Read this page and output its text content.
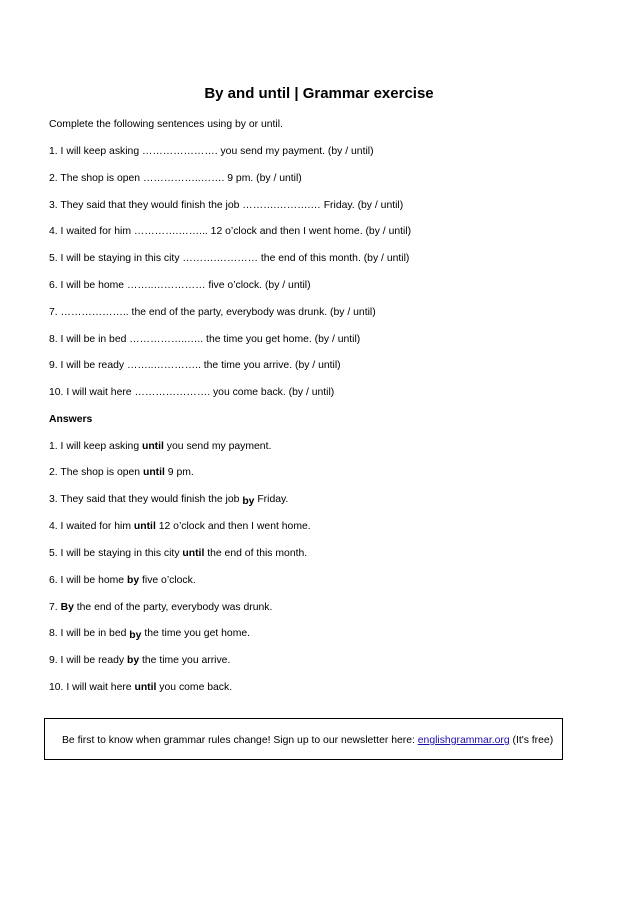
By and until | Grammar exercise
Complete the following sentences using by or until.
1. I will keep asking …………………. you send my payment. (by / until)
2. The shop is open ……………..……. 9 pm. (by / until)
3. They said that they would finish the job ……….……….… Friday. (by / until)
4. I waited for him ………….……... 12 o’clock and then I went home. (by / until)
5. I will be staying in this city ……….………… the end of this month. (by / until)
6. I will be home ……..…………… five o’clock. (by / until)
7. ……………….. the end of the party, everybody was drunk. (by / until)
8. I will be in bed ……………..….. the time you get home. (by / until)
9. I will be ready ……..………….. the time you arrive. (by / until)
10. I will wait here …………………. you come back. (by / until)
Answers
1. I will keep asking until you send my payment.
2. The shop is open until 9 pm.
3. They said that they would finish the job by Friday.
4. I waited for him until 12 o’clock and then I went home.
5. I will be staying in this city until the end of this month.
6. I will be home by five o’clock.
7. By the end of the party, everybody was drunk.
8. I will be in bed by the time you get home.
9. I will be ready by the time you arrive.
10. I will wait here until you come back.
Be first to know when grammar rules change! Sign up to our newsletter here: englishgrammar.org (It's free)
